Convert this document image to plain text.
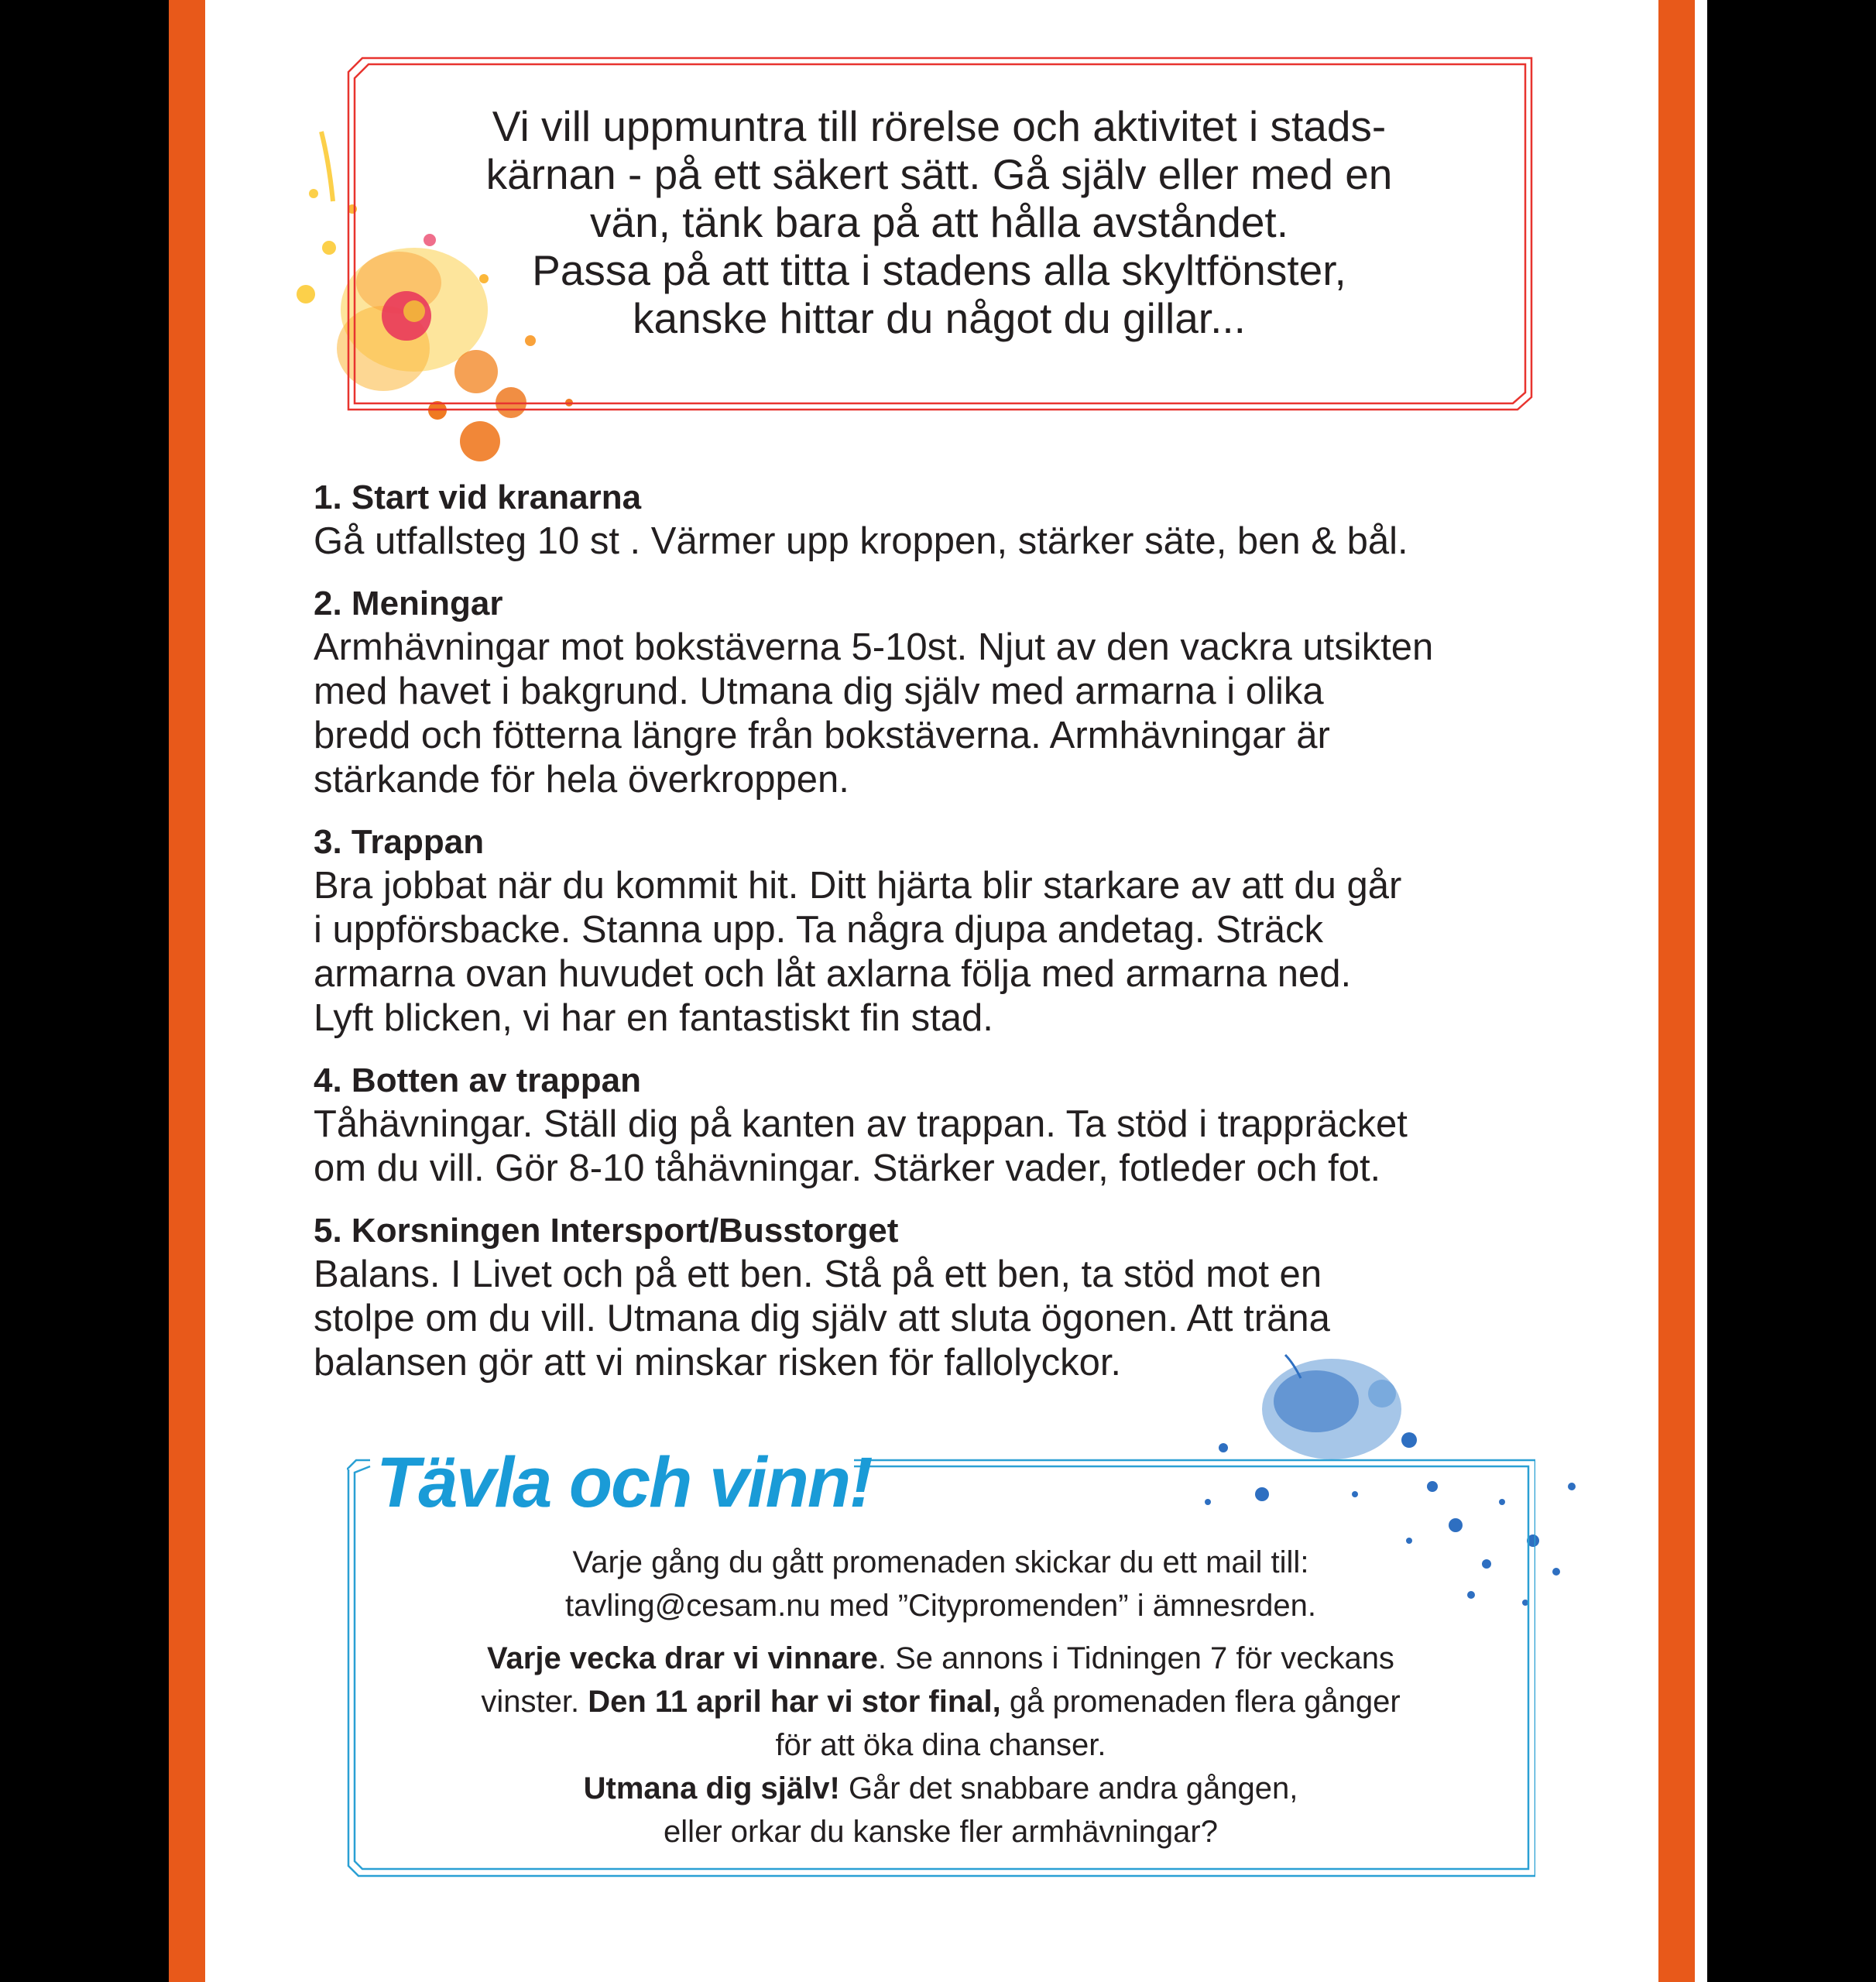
Vi vill uppmuntra till rörelse och aktivitet i stads-
kärnan - på ett säkert sätt. Gå själv eller med en
vän, tänk bara på att hålla avståndet.
Passa på att titta i stadens alla skyltfönster,
kanske hittar du något du gillar...
1. Start vid kranarna
Gå utfallsteg 10 st . Värmer upp kroppen, stärker säte, ben & bål.
2. Meningar
Armhävningar mot bokstäverna 5-10st. Njut av den vackra utsikten
med havet i bakgrund. Utmana dig själv med armarna i olika
bredd och fötterna längre från bokstäverna. Armhävningar är
stärkande för hela överkroppen.
3. Trappan
Bra jobbat när du kommit hit. Ditt hjärta blir starkare av att du går
i uppförsbacke. Stanna upp. Ta några djupa andetag. Sträck
armarna ovan huvudet och låt axlarna följa med armarna ned.
Lyft blicken, vi har en fantastiskt fin stad.
4. Botten av trappan
Tåhävningar. Ställ dig på kanten av trappan. Ta stöd i trappräcket
om du vill. Gör 8-10 tåhävningar. Stärker vader, fotleder och fot.
5. Korsningen Intersport/Busstorget
Balans. I Livet och på ett ben. Stå på ett ben, ta stöd mot en
stolpe om du vill. Utmana dig själv att sluta ögonen. Att träna
balansen gör att vi minskar risken för fallolyckor.
Tävla och vinn!

Varje gång du gått promenaden skickar du ett mail till:
tavling@cesam.nu med ”Citypromenden” i ämnesrden.

Varje vecka drar vi vinnare. Se annons i Tidningen 7 för veckans
vinster. Den 11 april har vi stor final, gå promenaden flera gånger
för att öka dina chanser.
Utmana dig själv! Går det snabbare andra gången,
eller orkar du kanske fler armhävningar?
